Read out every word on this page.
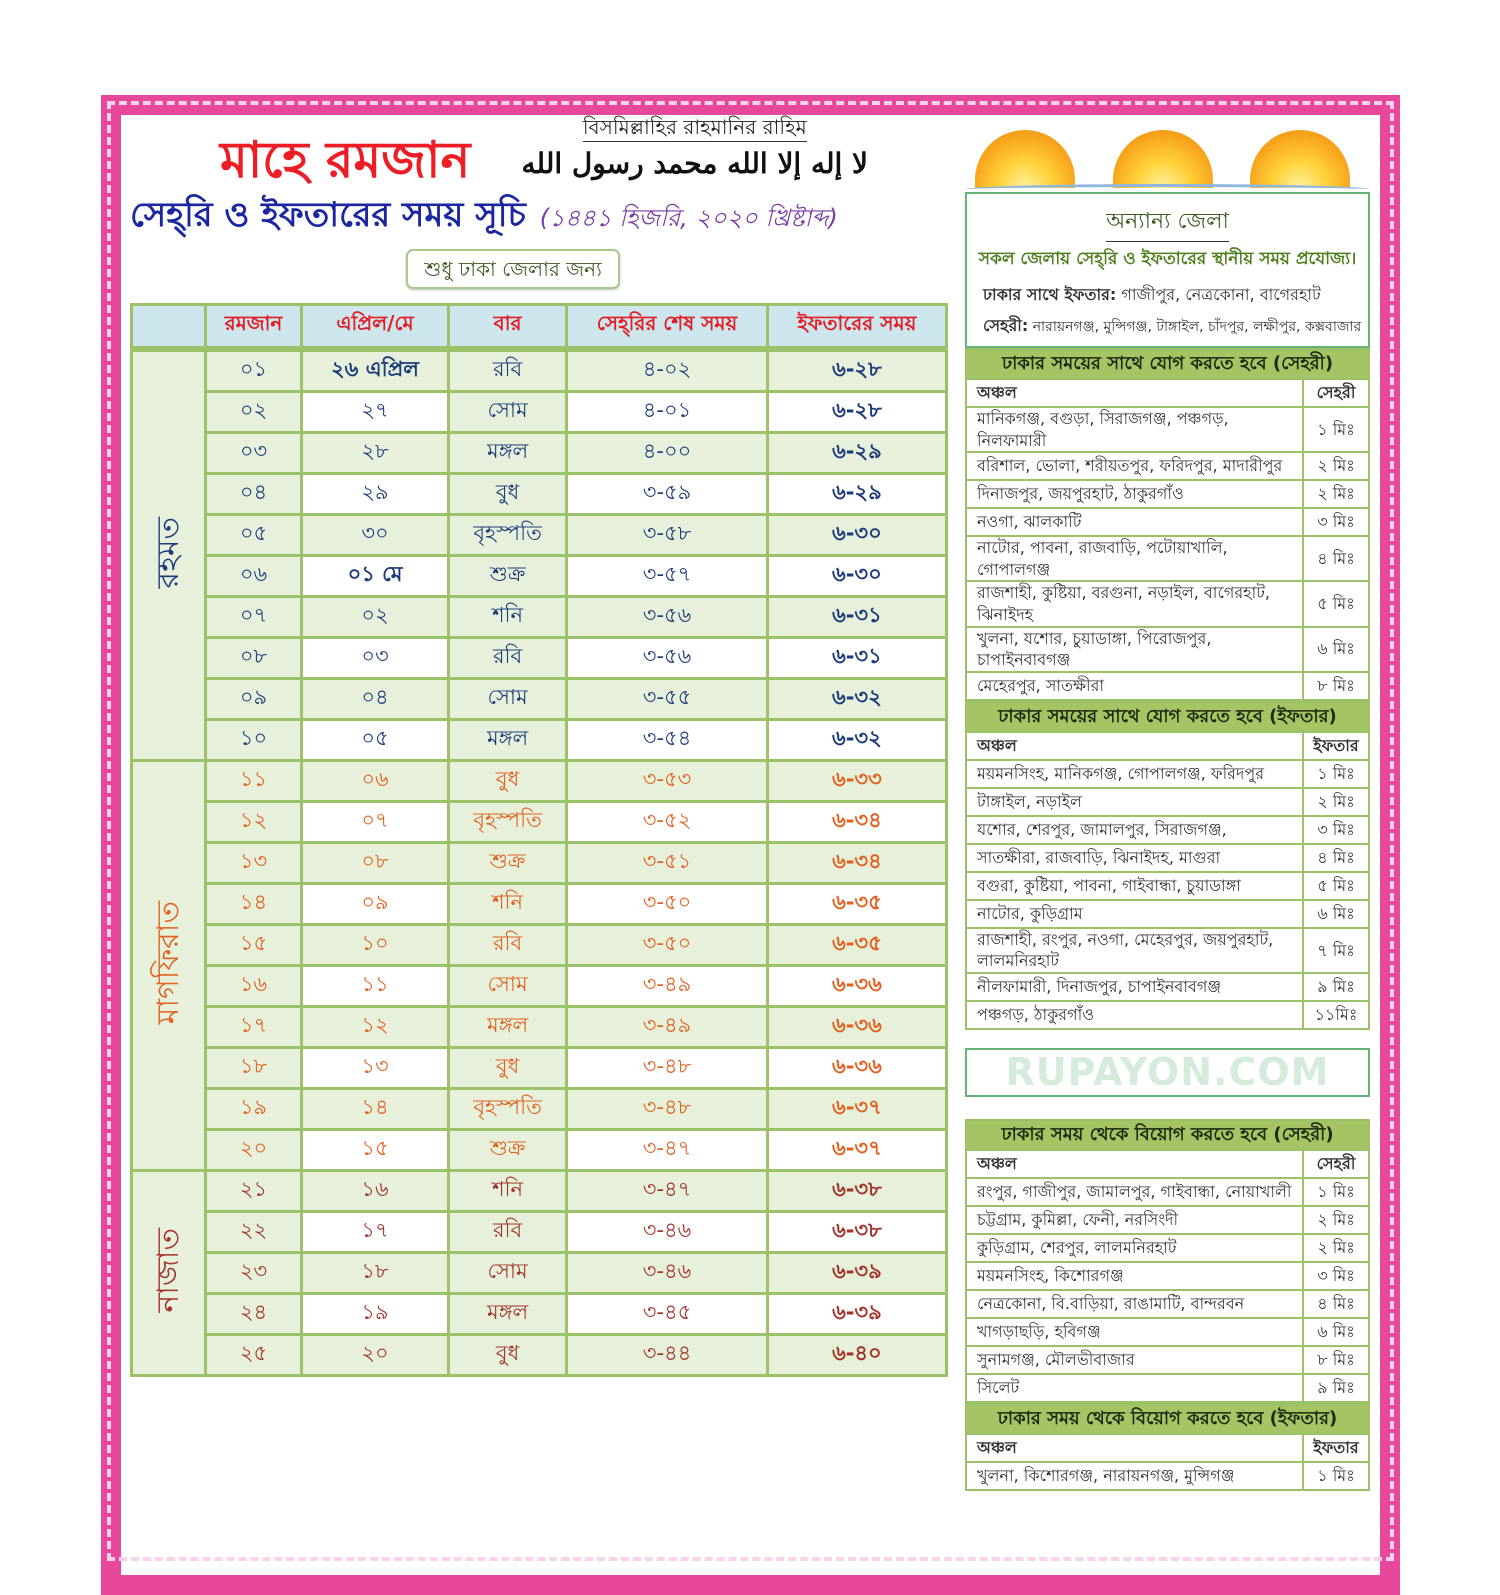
মাহে রমজান
বিসমিল্লাহির রাহমানির রাহিম
لا إله إلا الله محمد رسول الله
সেহ্‌রি ও ইফতারের সময় সূচি (১৪৪১ হিজরি, ২০২০ খ্রিষ্টাব্দ)
শুধু ঢাকা জেলার জন্য
	রমজান	এপ্রিল/মে	বার	সেহ্‌রির শেষ সময়	ইফতারের সময়
রহমত	০১	২৬ এপ্রিল	রবি	৪-০২	৬-২৮
	০২	২৭	সোম	৪-০১	৬-২৮
	০৩	২৮	মঙ্গল	৪-০০	৬-২৯
	০৪	২৯	বুধ	৩-৫৯	৬-২৯
	০৫	৩০	বৃহস্পতি	৩-৫৮	৬-৩০
	০৬	০১ মে	শুক্র	৩-৫৭	৬-৩০
	০৭	০২	শনি	৩-৫৬	৬-৩১
	০৮	০৩	রবি	৩-৫৬	৬-৩১
	০৯	০৪	সোম	৩-৫৫	৬-৩২
	১০	০৫	মঙ্গল	৩-৫৪	৬-৩২
মাগফিরাত	১১	০৬	বুধ	৩-৫৩	৬-৩৩
	১২	০৭	বৃহস্পতি	৩-৫২	৬-৩৪
	১৩	০৮	শুক্র	৩-৫১	৬-৩৪
	১৪	০৯	শনি	৩-৫০	৬-৩৫
	১৫	১০	রবি	৩-৫০	৬-৩৫
	১৬	১১	সোম	৩-৪৯	৬-৩৬
	১৭	১২	মঙ্গল	৩-৪৯	৬-৩৬
	১৮	১৩	বুধ	৩-৪৮	৬-৩৬
	১৯	১৪	বৃহস্পতি	৩-৪৮	৬-৩৭
	২০	১৫	শুক্র	৩-৪৭	৬-৩৭
নাজাত	২১	১৬	শনি	৩-৪৭	৬-৩৮
	২২	১৭	রবি	৩-৪৬	৬-৩৮
	২৩	১৮	সোম	৩-৪৬	৬-৩৯
	২৪	১৯	মঙ্গল	৩-৪৫	৬-৩৯
	২৫	২০	বুধ	৩-৪৪	৬-৪০
অন্যান্য জেলা
সকল জেলায় সেহ্‌রি ও ইফতারের স্থানীয় সময় প্রযোজ্য।
ঢাকার সাথে ইফতার: গাজীপুর, নেত্রকোনা, বাগেরহাট
সেহরী: নারায়নগঞ্জ, মুন্সিগঞ্জ, টাঙ্গাইল, চাঁদপুর, লক্ষীপুর, কক্সবাজার
ঢাকার সময়ের সাথে যোগ করতে হবে (সেহরী)	
অঞ্চল	সেহরী
মানিকগঞ্জ, বগুড়া, সিরাজগঞ্জ, পঞ্চগড়, নিলফামারী	১ মিঃ
বরিশাল, ভোলা, শরীয়তপুর, ফরিদপুর, মাদারীপুর	২ মিঃ
দিনাজপুর, জয়পুরহাট, ঠাকুরগাঁও	২ মিঃ
নওগা, ঝালকাটি	৩ মিঃ
নাটোর, পাবনা, রাজবাড়ি, পটোয়াখালি, গোপালগঞ্জ	৪ মিঃ
রাজশাহী, কুষ্টিয়া, বরগুনা, নড়াইল, বাগেরহাট, ঝিনাইদহ	৫ মিঃ
খুলনা, যশোর, চুয়াডাঙ্গা, পিরোজপুর, চাপাইনবাবগঞ্জ	৬ মিঃ
মেহেরপুর, সাতক্ষীরা	৮ মিঃ
ঢাকার সময়ের সাথে যোগ করতে হবে (ইফতার)	
অঞ্চল	ইফতার
ময়মনসিংহ, মানিকগঞ্জ, গোপালগঞ্জ, ফরিদপুর	১ মিঃ
টাঙ্গাইল, নড়াইল	২ মিঃ
যশোর, শেরপুর, জামালপুর, সিরাজগঞ্জ,	৩ মিঃ
সাতক্ষীরা, রাজবাড়ি, ঝিনাইদহ, মাগুরা	৪ মিঃ
বগুরা, কুষ্টিয়া, পাবনা, গাইবান্ধা, চুয়াডাঙ্গা	৫ মিঃ
নাটোর, কুড়িগ্রাম	৬ মিঃ
রাজশাহী, রংপুর, নওগা, মেহেরপুর, জয়পুরহাট, লালমনিরহাট	৭ মিঃ
নীলফামারী, দিনাজপুর, চাপাইনবাবগঞ্জ	৯ মিঃ
পঞ্চগড়, ঠাকুরগাঁও	১১মিঃ
RUPAYON.COM
ঢাকার সময় থেকে বিয়োগ করতে হবে (সেহরী)	
অঞ্চল	সেহরী
রংপুর, গাজীপুর, জামালপুর, গাইবান্ধা, নোয়াখালী	১ মিঃ
চট্টগ্রাম, কুমিল্লা, ফেনী, নরসিংদী	২ মিঃ
কুড়িগ্রাম, শেরপুর, লালমনিরহাট	২ মিঃ
ময়মনসিংহ, কিশোরগঞ্জ	৩ মিঃ
নেত্রকোনা, বি.বাড়িয়া, রাঙামাটি, বান্দরবন	৪ মিঃ
খাগড়াছড়ি, হবিগঞ্জ	৬ মিঃ
সুনামগঞ্জ, মৌলভীবাজার	৮ মিঃ
সিলেট	৯ মিঃ
ঢাকার সময় থেকে বিয়োগ করতে হবে (ইফতার)	
অঞ্চল	ইফতার
খুলনা, কিশোরগঞ্জ, নারায়নগঞ্জ, মুন্সিগঞ্জ	১ মিঃ
